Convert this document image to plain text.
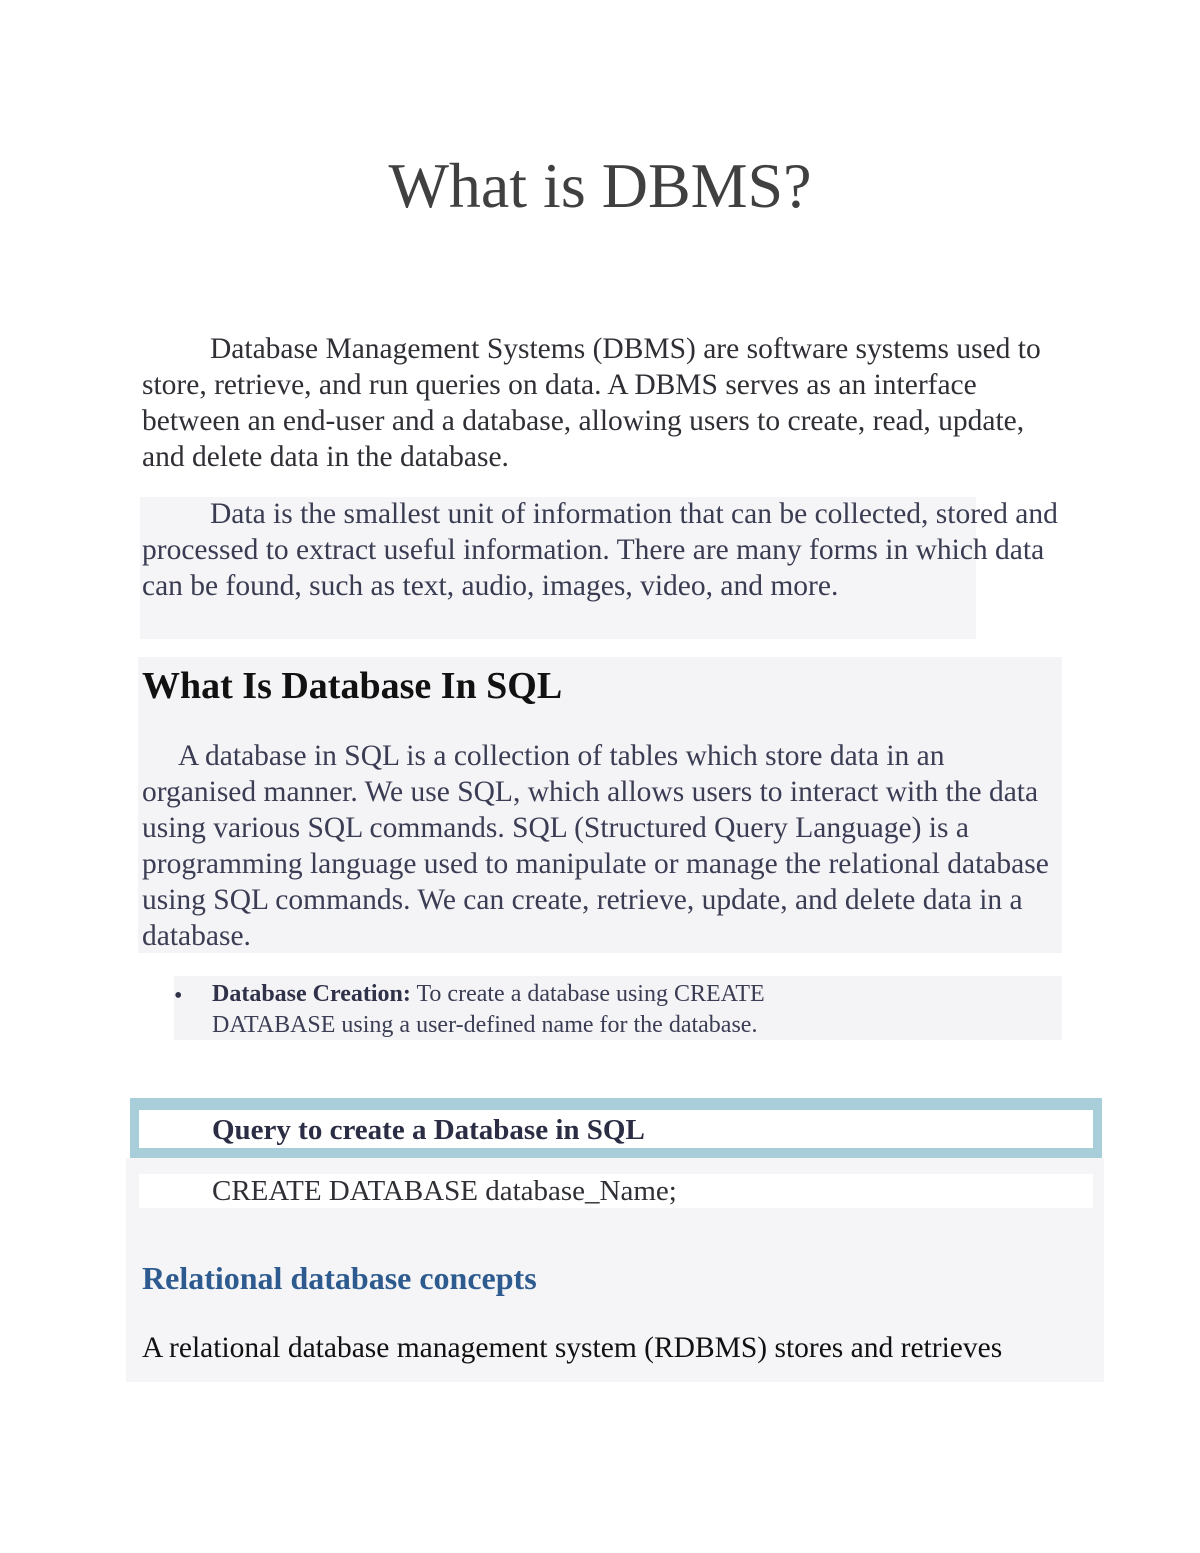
What is DBMS?

Database Management Systems (DBMS) are software systems used to store, retrieve, and run queries on data. A DBMS serves as an interface between an end-user and a database, allowing users to create, read, update, and delete data in the database.

Data is the smallest unit of information that can be collected, stored and processed to extract useful information. There are many forms in which data can be found, such as text, audio, images, video, and more.

What Is Database In SQL

A database in SQL is a collection of tables which store data in an organised manner. We use SQL, which allows users to interact with the data using various SQL commands. SQL (Structured Query Language) is a programming language used to manipulate or manage the relational database using SQL commands. We can create, retrieve, update, and delete data in a database.

• Database Creation: To create a database using CREATE DATABASE using a user-defined name for the database.

Query to create a Database in SQL

CREATE DATABASE database_Name;

Relational database concepts

A relational database management system (RDBMS) stores and retrieves
